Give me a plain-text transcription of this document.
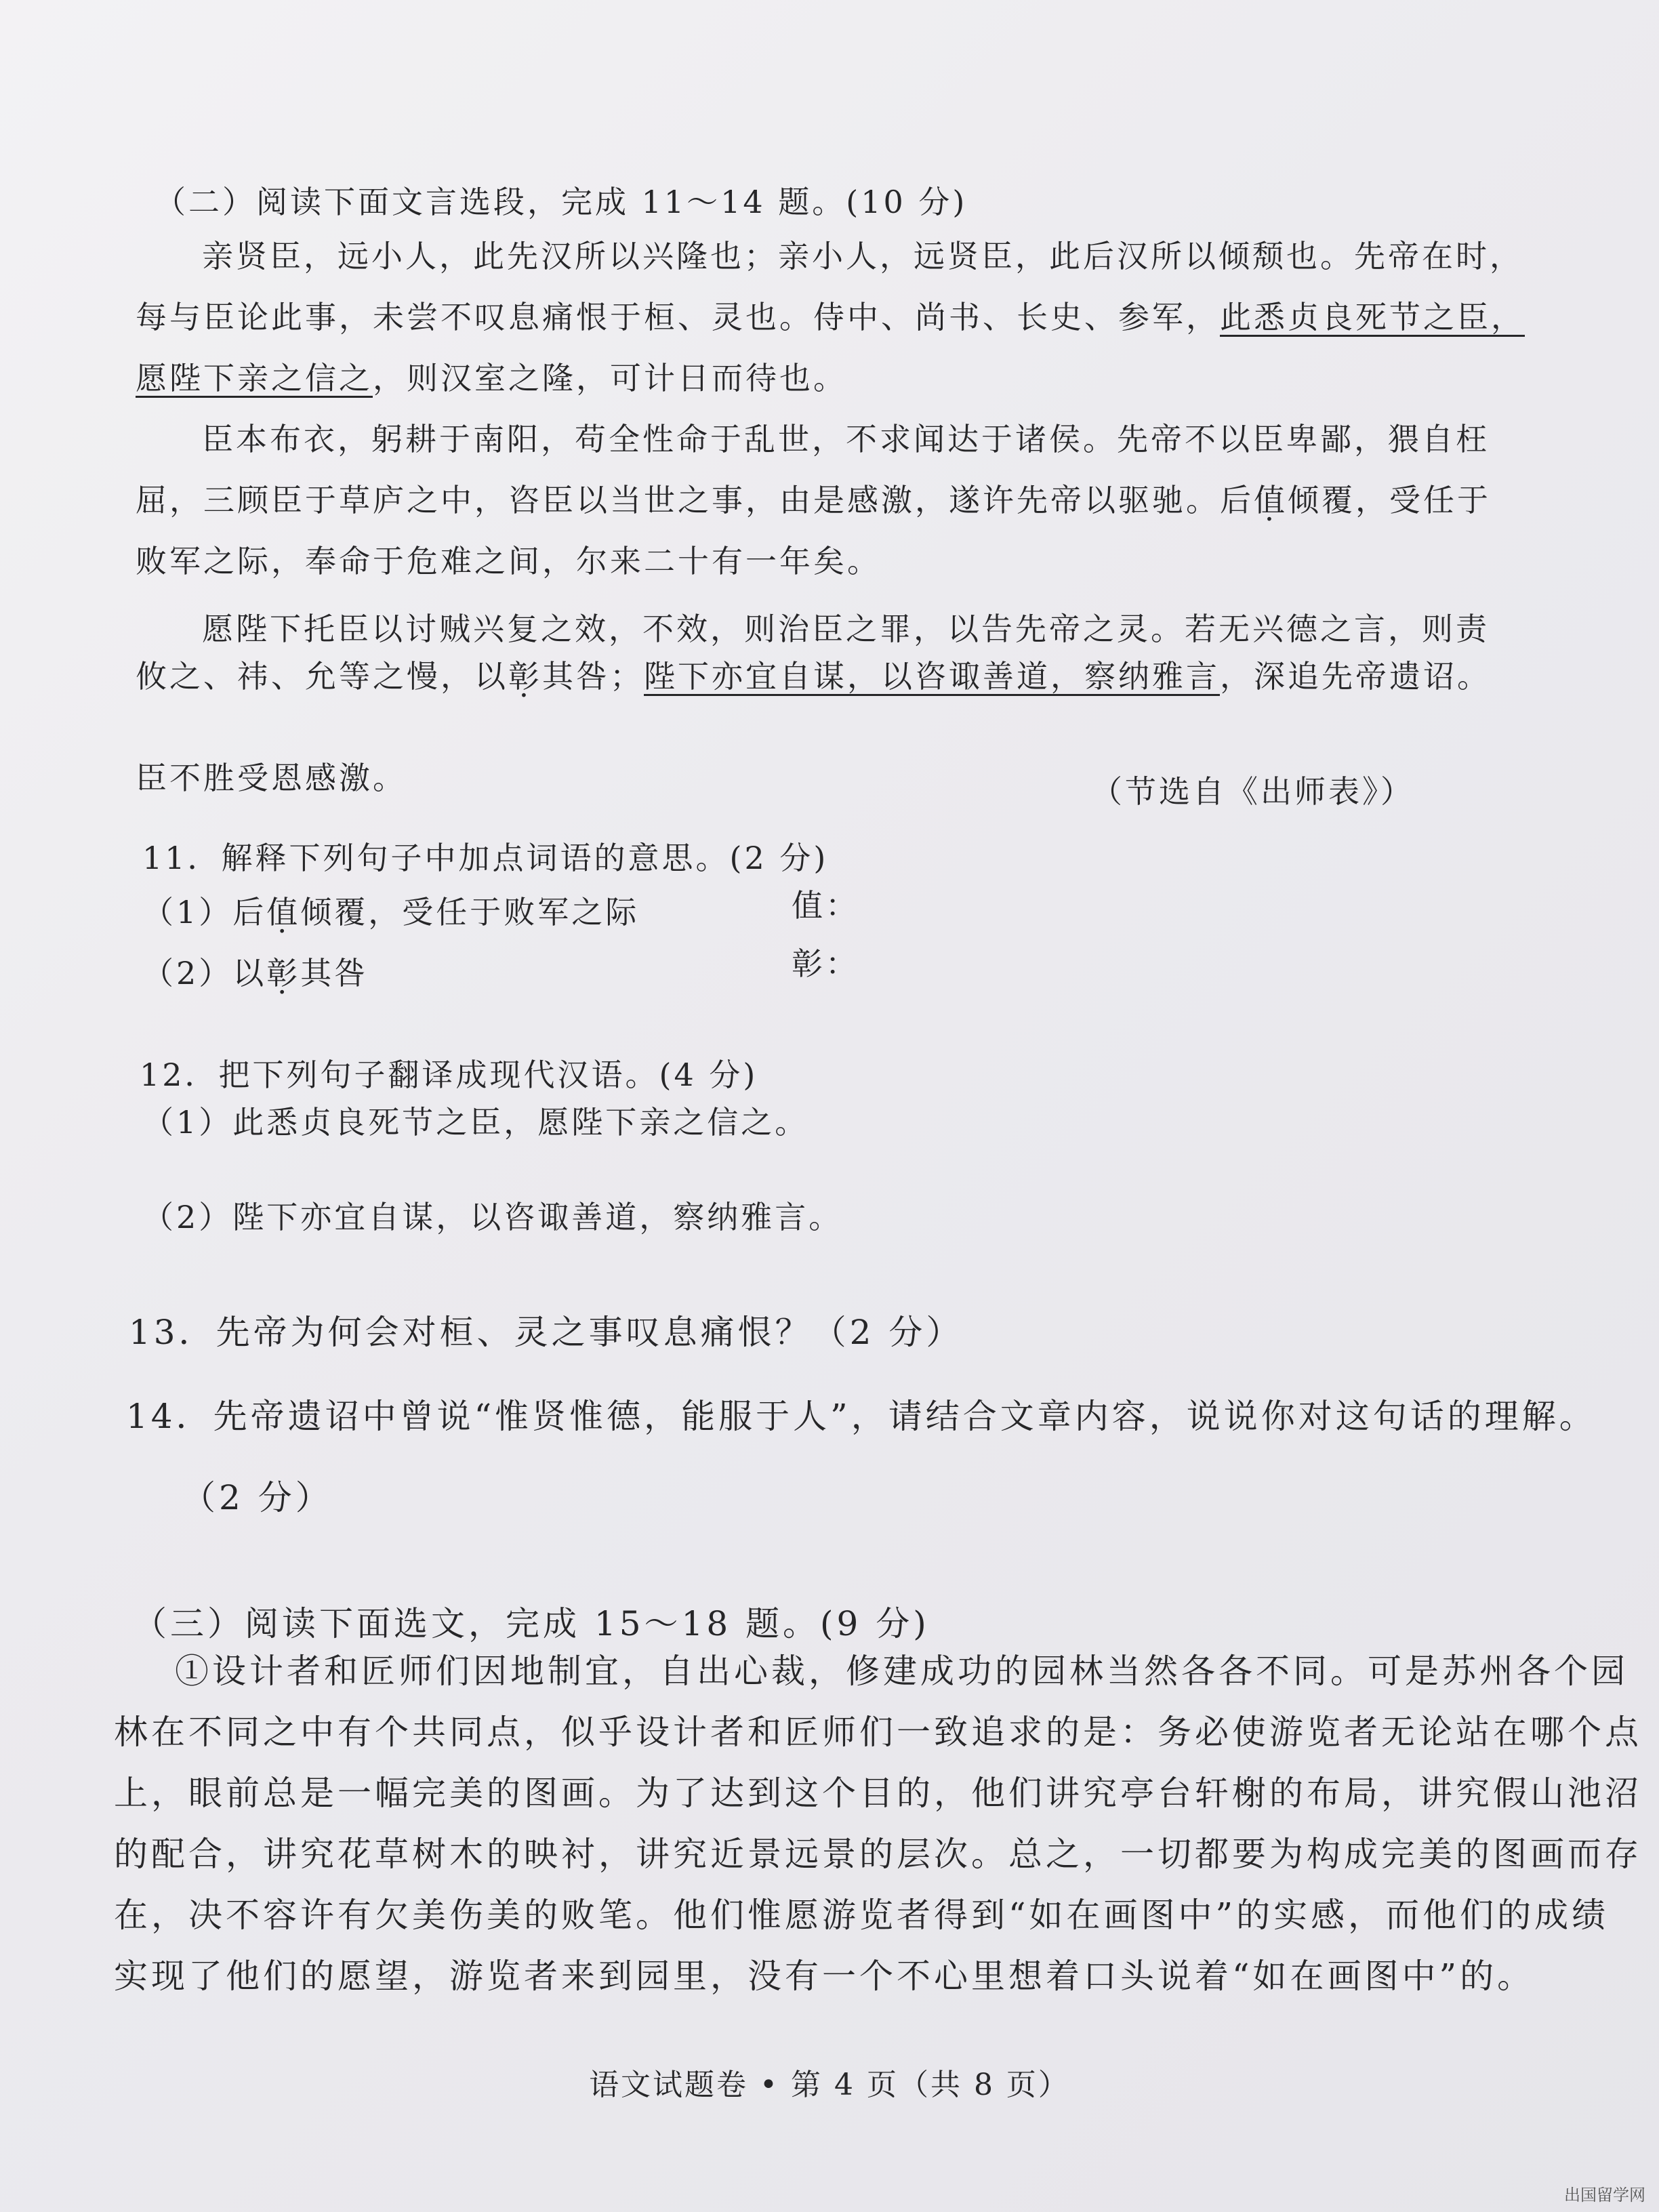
（二）阅读下面文言选段，完成 11～14 题。(10 分)
亲贤臣，远小人，此先汉所以兴隆也；亲小人，远贤臣，此后汉所以倾颓也。先帝在时，
每与臣论此事，未尝不叹息痛恨于桓、灵也。侍中、尚书、长史、参军，此悉贞良死节之臣，
愿陛下亲之信之，则汉室之隆，可计日而待也。
臣本布衣，躬耕于南阳，苟全性命于乱世，不求闻达于诸侯。先帝不以臣卑鄙，猥自枉
屈，三顾臣于草庐之中，咨臣以当世之事，由是感激，遂许先帝以驱驰。后值倾覆，受任于
败军之际，奉命于危难之间，尔来二十有一年矣。
愿陛下托臣以讨贼兴复之效，不效，则治臣之罪，以告先帝之灵。若无兴德之言，则责
攸之、祎、允等之慢，以彰其咎；陛下亦宜自谋，以咨诹善道，察纳雅言，深追先帝遗诏。
臣不胜受恩感激。	（节选自《出师表》）
11．解释下列句子中加点词语的意思。(2 分)
（1）后值倾覆，受任于败军之际	值：
（2）以彰其咎	彰：
12．把下列句子翻译成现代汉语。(4 分)
（1）此悉贞良死节之臣，愿陛下亲之信之。
（2）陛下亦宜自谋，以咨诹善道，察纳雅言。
13．先帝为何会对桓、灵之事叹息痛恨？（2 分）
14．先帝遗诏中曾说“惟贤惟德，能服于人”，请结合文章内容，说说你对这句话的理解。
（2 分）
（三）阅读下面选文，完成 15～18 题。(9 分)
①设计者和匠师们因地制宜，自出心裁，修建成功的园林当然各各不同。可是苏州各个园
林在不同之中有个共同点，似乎设计者和匠师们一致追求的是：务必使游览者无论站在哪个点
上，眼前总是一幅完美的图画。为了达到这个目的，他们讲究亭台轩榭的布局，讲究假山池沼
的配合，讲究花草树木的映衬，讲究近景远景的层次。总之，一切都要为构成完美的图画而存
在，决不容许有欠美伤美的败笔。他们惟愿游览者得到“如在画图中”的实感，而他们的成绩
实现了他们的愿望，游览者来到园里，没有一个不心里想着口头说着“如在画图中”的。
语文试题卷 • 第 4 页（共 8 页）
出国留学网
